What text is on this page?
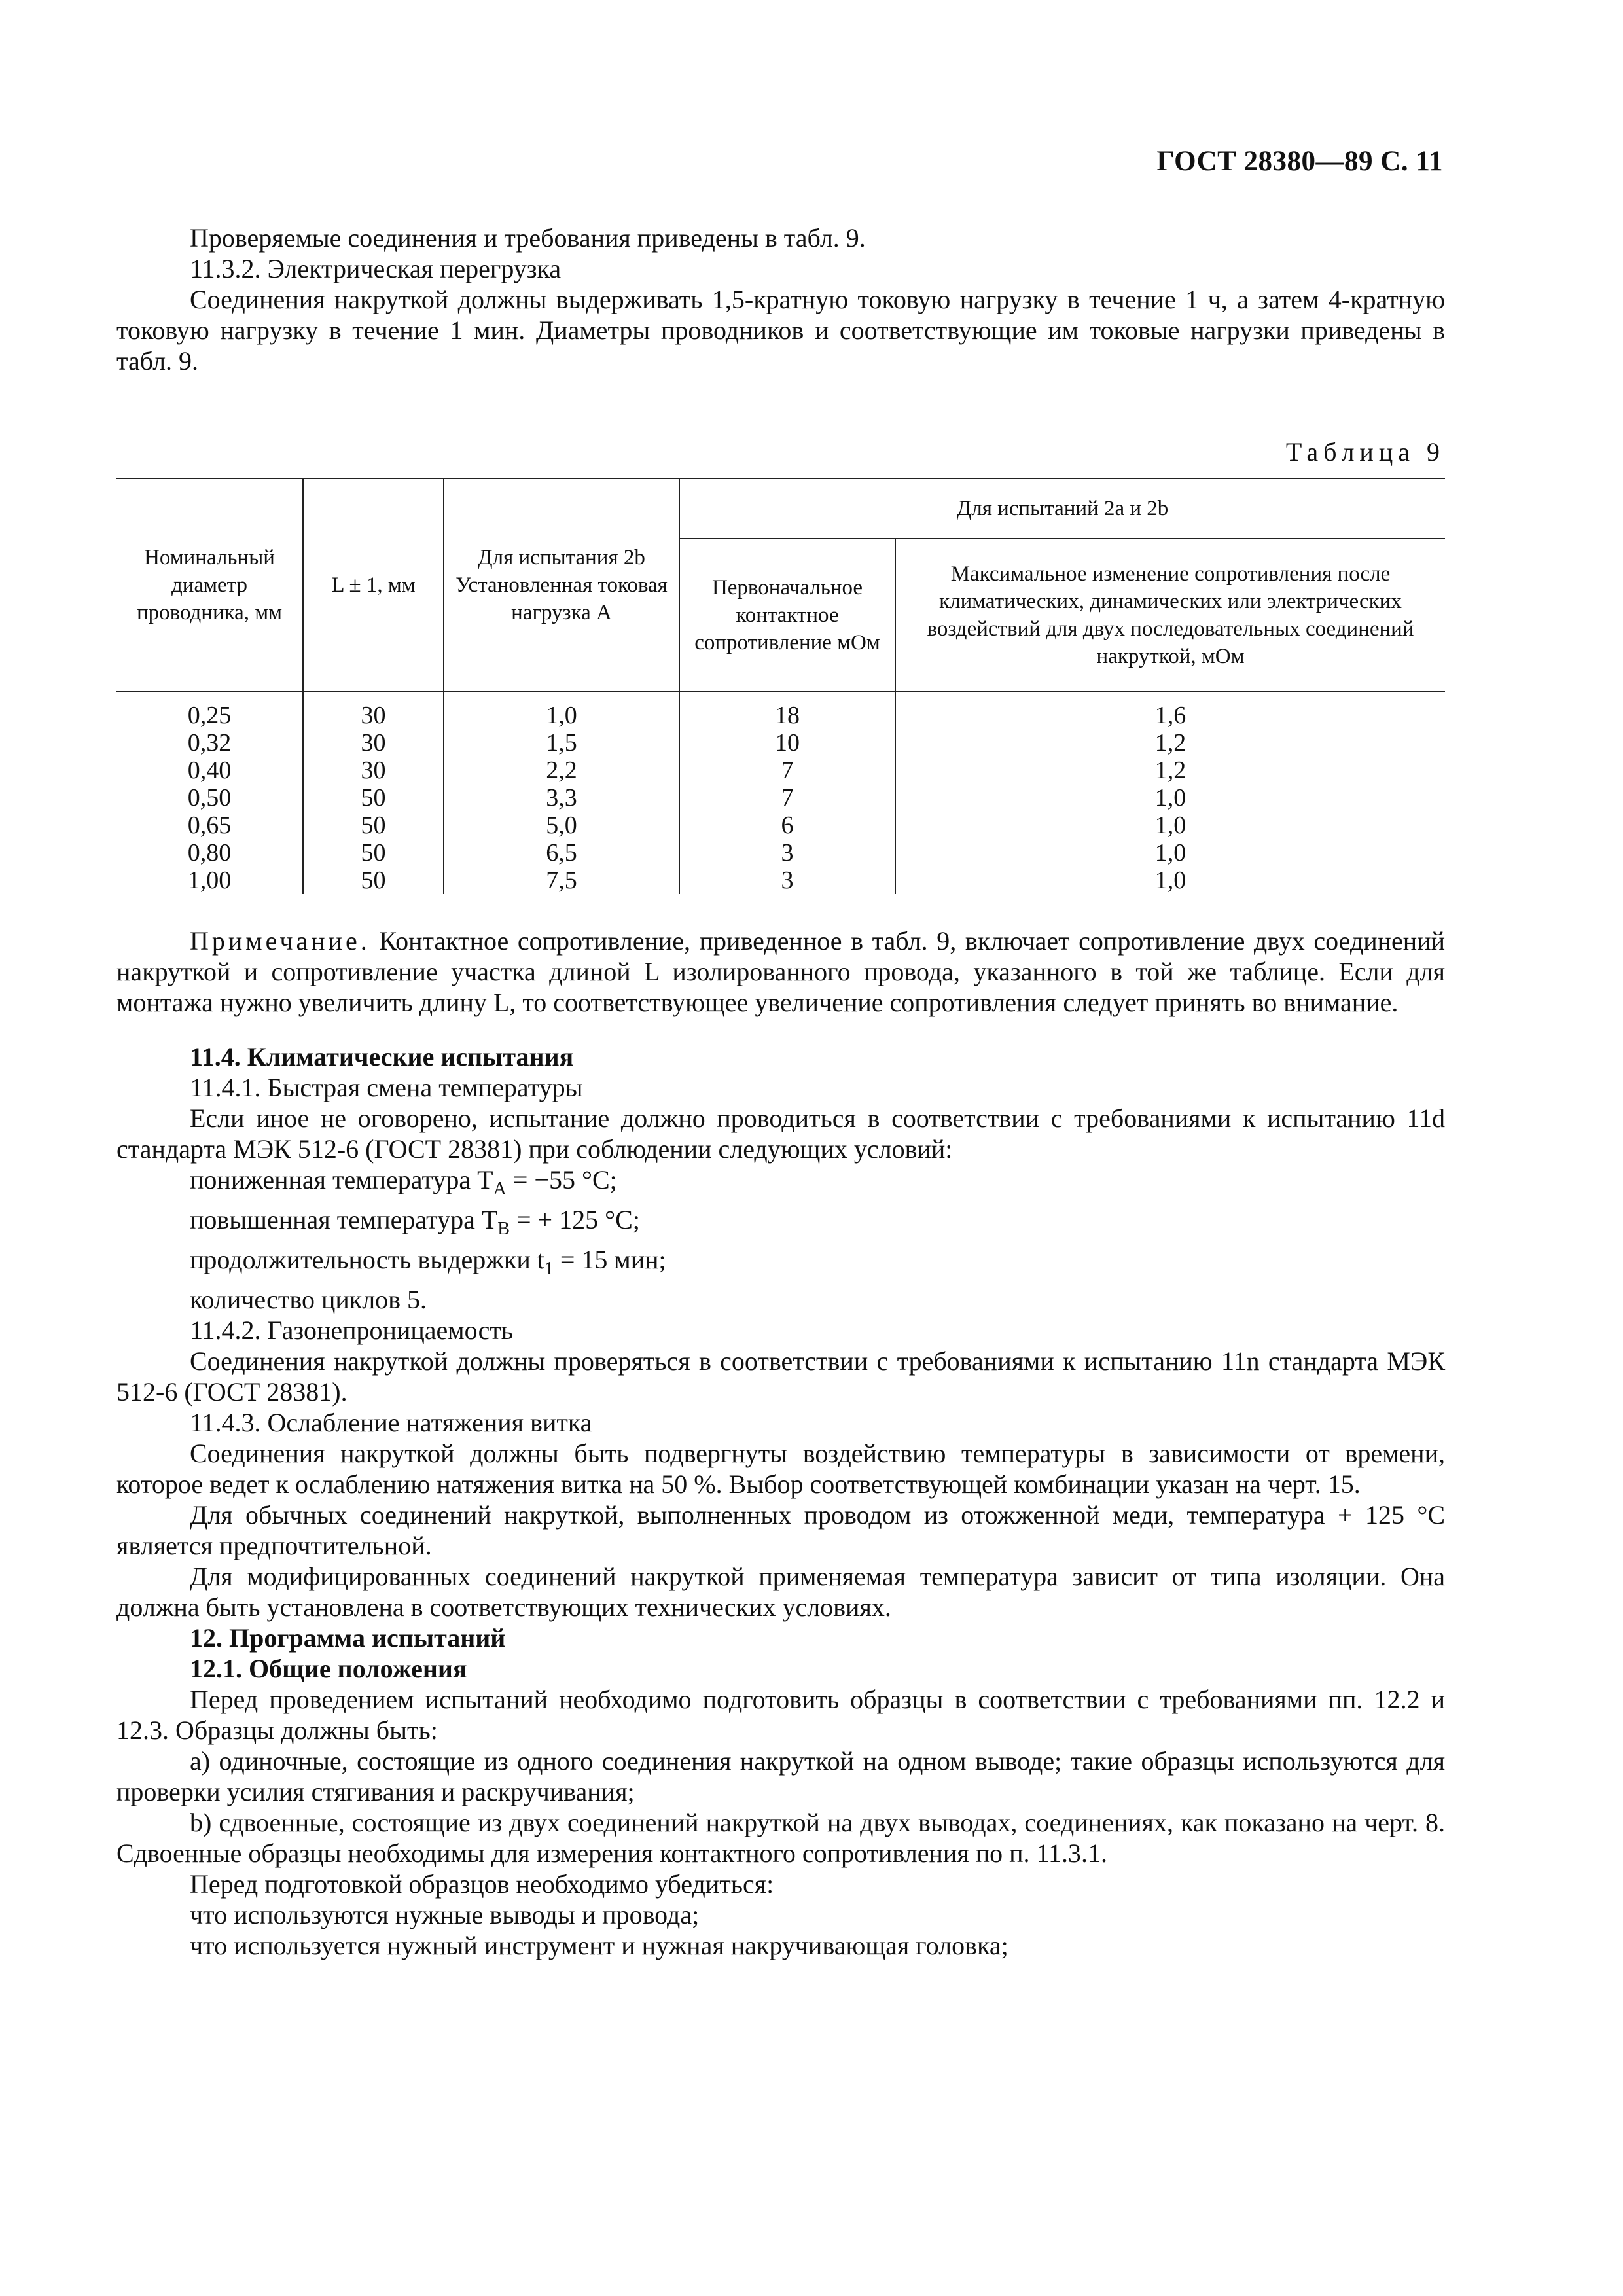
ГОСТ 28380—89 С. 11

Проверяемые соединения и требования приведены в табл. 9.

11.3.2. Электрическая перегрузка

Соединения накруткой должны выдерживать 1,5-кратную токовую нагрузку в течение 1 ч, а затем 4-кратную токовую нагрузку в течение 1 мин. Диаметры проводников и соответствующие им токовые нагрузки приведены в табл. 9.

Таблица 9
Номинальный диаметр проводника, мм	L ± 1, мм	Для испытания 2b Установленная токовая нагрузка А	Для испытаний 2а и 2b	
			Первоначальное контактное сопротивление мОм	Максимальное изменение сопротивления после климатических, динамических или электрических воздействий для двух последовательных соединений накруткой, мОм
0,25	30	1,0	18	1,6
0,32	30	1,5	10	1,2
0,40	30	2,2	7	1,2
0,50	50	3,3	7	1,0
0,65	50	5,0	6	1,0
0,80	50	6,5	3	1,0
1,00	50	7,5	3	1,0

Примечание. Контактное сопротивление, приведенное в табл. 9, включает сопротивление двух соединений накруткой и сопротивление участка длиной L изолированного провода, указанного в той же таблице. Если для монтажа нужно увеличить длину L, то соответствующее увеличение сопротивления следует принять во внимание.

11.4. Климатические испытания

11.4.1. Быстрая смена температуры

Если иное не оговорено, испытание должно проводиться в соответствии с требованиями к испытанию 11d стандарта МЭК 512-6 (ГОСТ 28381) при соблюдении следующих условий:

пониженная температура $T_A = -55$ °С;

повышенная температура $T_B$ = + 125 °С;

продолжительность выдержки $t_1 = 15$ мин;

количество циклов 5.

11.4.2. Газонепроницаемость

Соединения накруткой должны проверяться в соответствии с требованиями к испытанию 11n стандарта МЭК 512-6 (ГОСТ 28381).

11.4.3. Ослабление натяжения витка

Соединения накруткой должны быть подвергнуты воздействию температуры в зависимости от времени, которое ведет к ослаблению натяжения витка на 50 %. Выбор соответствующей комбинации указан на черт. 15.

Для обычных соединений накруткой, выполненных проводом из отожженной меди, температура + 125 °С является предпочтительной.

Для модифицированных соединений накруткой применяемая температура зависит от типа изоляции. Она должна быть установлена в соответствующих технических условиях.

12. Программа испытаний

12.1. Общие положения

Перед проведением испытаний необходимо подготовить образцы в соответствии с требованиями пп. 12.2 и 12.3. Образцы должны быть:

а) одиночные, состоящие из одного соединения накруткой на одном выводе; такие образцы используются для проверки усилия стягивания и раскручивания;

b) сдвоенные, состоящие из двух соединений накруткой на двух выводах, соединениях, как показано на черт. 8. Сдвоенные образцы необходимы для измерения контактного сопротивления по п. 11.3.1.

Перед подготовкой образцов необходимо убедиться:

что используются нужные выводы и провода;

что используется нужный инструмент и нужная накручивающая головка;
